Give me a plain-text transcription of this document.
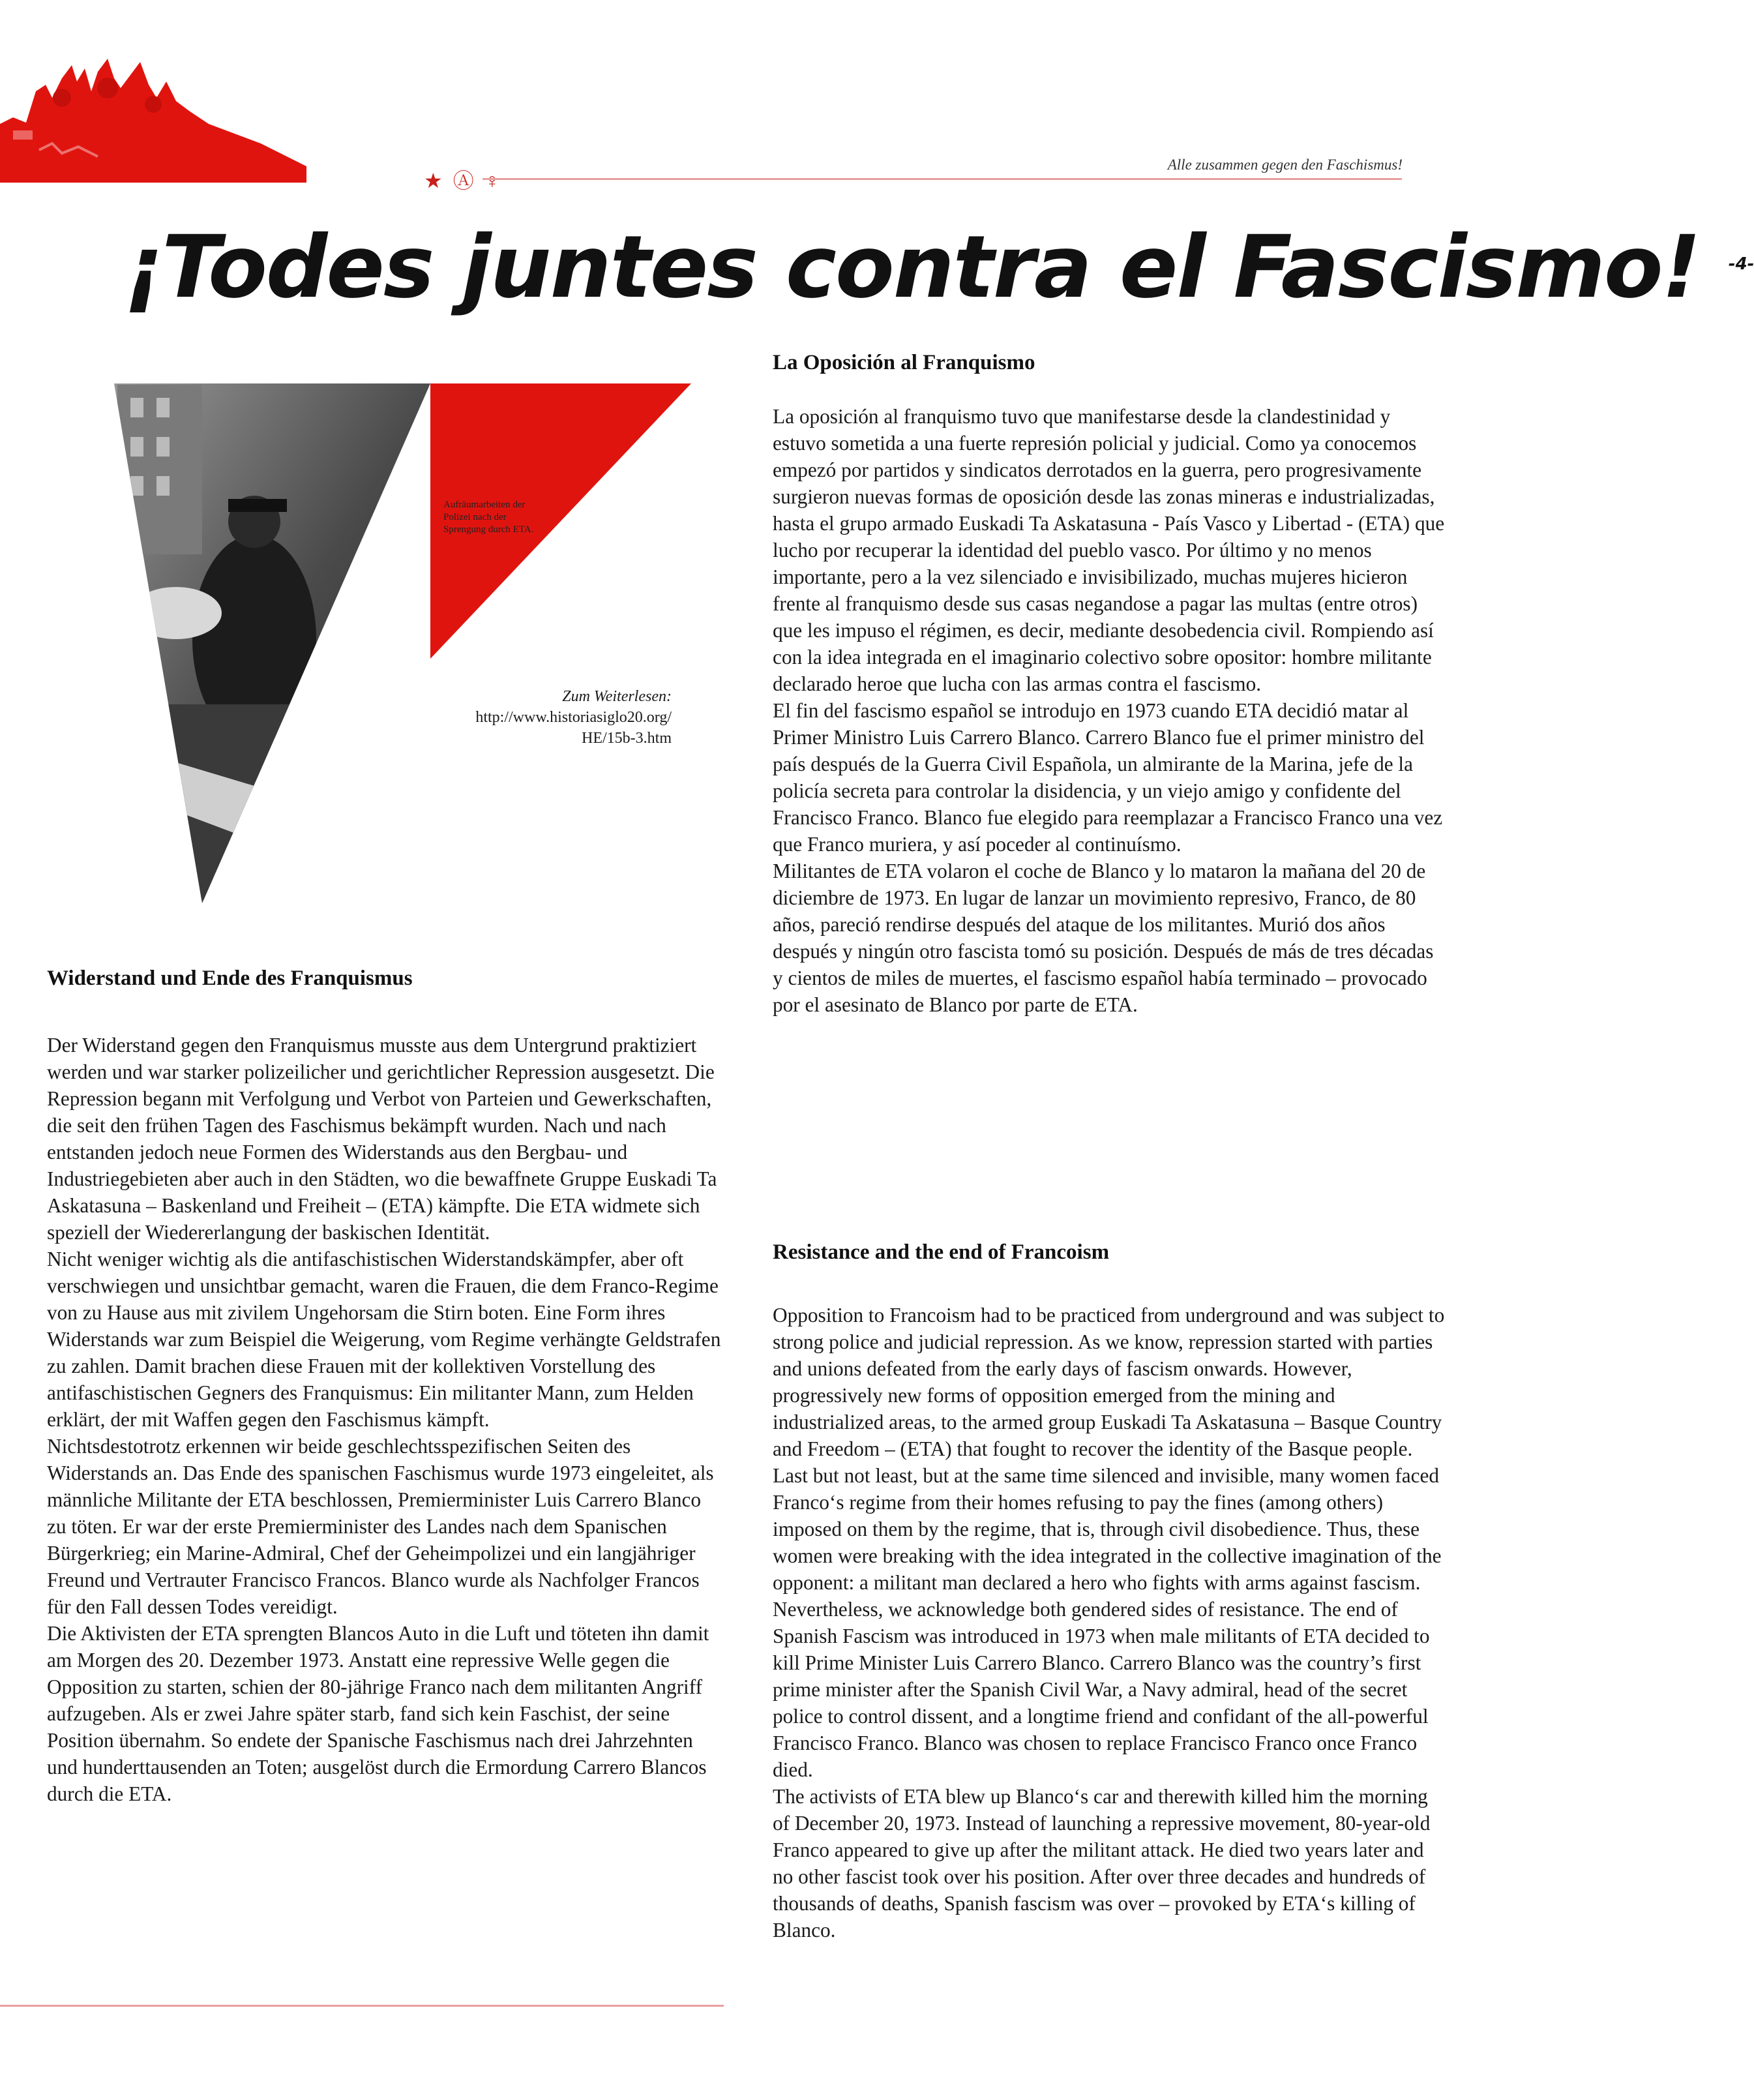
★ Ⓐ ♀
Alle zusammen gegen den Faschismus!
¡Todes juntes contra el Fascismo! $^{-4-}$
Aufräumarbeiten der Polizei nach der Sprengung durch ETA.
Zum Weiterlesen:
http://www.historiasiglo20.org/ HE/15b-3.htm
Widerstand und Ende des Franquismus

Der Widerstand gegen den Franquismus musste aus dem Untergrund praktiziert werden und war starker polizeilicher und gerichtlicher Repression ausgesetzt. Die Repression begann mit Verfolgung und Verbot von Parteien und Gewerkschaften, die seit den frühen Tagen des Faschismus bekämpft wurden. Nach und nach entstanden jedoch neue Formen des Widerstands aus den Bergbau- und Industriegebieten aber auch in den Städten, wo die bewaffnete Gruppe Euskadi Ta Askatasuna – Baskenland und Freiheit – (ETA) kämpfte. Die ETA widmete sich speziell der Wiedererlangung der baskischen Identität.

Nicht weniger wichtig als die antifaschistischen Widerstandskämpfer, aber oft verschwiegen und unsichtbar gemacht, waren die Frauen, die dem Franco-Regime von zu Hause aus mit zivilem Ungehorsam die Stirn boten. Eine Form ihres Widerstands war zum Beispiel die Weigerung, vom Regime verhängte Geldstrafen zu zahlen. Damit brachen diese Frauen mit der kollektiven Vorstellung des antifaschistischen Gegners des Franquismus: Ein militanter Mann, zum Helden erklärt, der mit Waffen gegen den Faschismus kämpft.

Nichtsdestotrotz erkennen wir beide geschlechtsspezifischen Seiten des Widerstands an. Das Ende des spanischen Faschismus wurde 1973 eingeleitet, als männliche Militante der ETA beschlossen, Premierminister Luis Carrero Blanco zu töten. Er war der erste Premierminister des Landes nach dem Spanischen Bürgerkrieg; ein Marine-Admiral, Chef der Geheimpolizei und ein langjähriger Freund und Vertrauter Francisco Francos. Blanco wurde als Nachfolger Francos für den Fall dessen Todes vereidigt.

Die Aktivisten der ETA sprengten Blancos Auto in die Luft und töteten ihn damit am Morgen des 20. Dezember 1973. Anstatt eine repressive Welle gegen die Opposition zu starten, schien der 80-jährige Franco nach dem militanten Angriff aufzugeben. Als er zwei Jahre später starb, fand sich kein Faschist, der seine Position übernahm. So endete der Spanische Faschismus nach drei Jahrzehnten und hunderttausenden an Toten; ausgelöst durch die Ermordung Carrero Blancos durch die ETA.

La Oposición al Franquismo

La oposición al franquismo tuvo que manifestarse desde la clandestinidad y estuvo sometida a una fuerte represión policial y judicial. Como ya conocemos empezó por partidos y sindicatos derrotados en la guerra, pero progresivamente surgieron nuevas formas de oposición desde las zonas mineras e industrializadas, hasta el grupo armado Euskadi Ta Askatasuna - País Vasco y Libertad - (ETA) que lucho por recuperar la identidad del pueblo vasco. Por último y no menos importante, pero a la vez silenciado e invisibilizado, muchas mujeres hicieron frente al franquismo desde sus casas negandose a pagar las multas (entre otros) que les impuso el régimen, es decir, mediante desobedencia civil. Rompiendo así con la idea integrada en el imaginario colectivo sobre opositor: hombre militante declarado heroe que lucha con las armas contra el fascismo.

El fin del fascismo español se introdujo en 1973 cuando ETA decidió matar al Primer Ministro Luis Carrero Blanco. Carrero Blanco fue el primer ministro del país después de la Guerra Civil Española, un almirante de la Marina, jefe de la policía secreta para controlar la disidencia, y un viejo amigo y confidente del Francisco Franco. Blanco fue elegido para reemplazar a Francisco Franco una vez que Franco muriera, y así poceder al continuísmo.

Militantes de ETA volaron el coche de Blanco y lo mataron la mañana del 20 de diciembre de 1973. En lugar de lanzar un movimiento represivo, Franco, de 80 años, pareció rendirse después del ataque de los militantes. Murió dos años después y ningún otro fascista tomó su posición. Después de más de tres décadas y cientos de miles de muertes, el fascismo español había terminado – provocado por el asesinato de Blanco por parte de ETA.

Resistance and the end of Francoism

Opposition to Francoism had to be practiced from underground and was subject to strong police and judicial repression. As we know, repression started with parties and unions defeated from the early days of fascism onwards. However, progressively new forms of opposition emerged from the mining and industrialized areas, to the armed group Euskadi Ta Askatasuna – Basque Country and Freedom – (ETA) that fought to recover the identity of the Basque people. Last but not least, but at the same time silenced and invisible, many women faced Franco‘s regime from their homes refusing to pay the fines (among others) imposed on them by the regime, that is, through civil disobedience. Thus, these women were breaking with the idea integrated in the collective imagination of the opponent: a militant man declared a hero who fights with arms against fascism.

Nevertheless, we acknowledge both gendered sides of resistance. The end of Spanish Fascism was introduced in 1973 when male militants of ETA decided to kill Prime Minister Luis Carrero Blanco. Carrero Blanco was the country’s first prime minister after the Spanish Civil War, a Navy admiral, head of the secret police to control dissent, and a longtime friend and confidant of the all-powerful Francisco Franco. Blanco was chosen to replace Francisco Franco once Franco died.

The activists of ETA blew up Blanco‘s car and therewith killed him the morning of December 20, 1973. Instead of launching a repressive movement, 80-year-old Franco appeared to give up after the militant attack. He died two years later and no other fascist took over his position. After over three decades and hundreds of thousands of deaths, Spanish fascism was over – provoked by ETA‘s killing of Blanco.
